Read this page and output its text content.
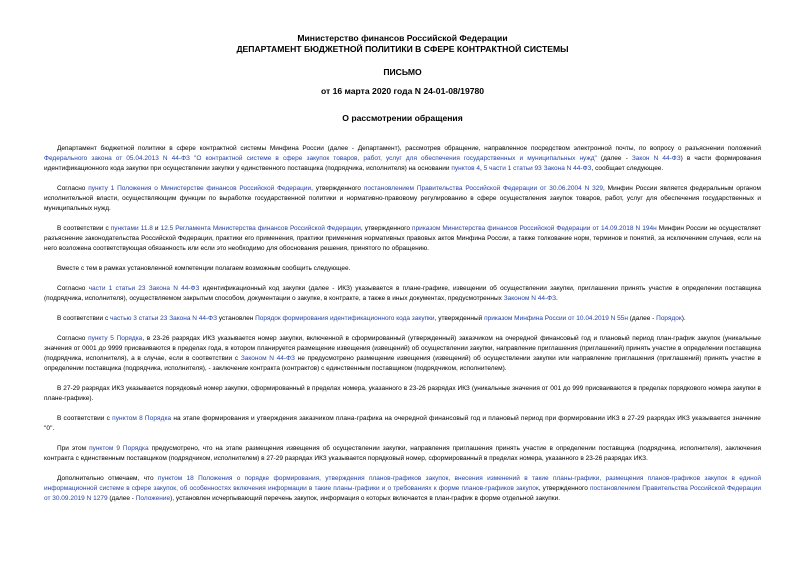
Министерство финансов Российской Федерации
ДЕПАРТАМЕНТ БЮДЖЕТНОЙ ПОЛИТИКИ В СФЕРЕ КОНТРАКТНОЙ СИСТЕМЫ
ПИСЬМО
от 16 марта 2020 года N 24-01-08/19780
О рассмотрении обращения

Департамент бюджетной политики в сфере контрактной системы Минфина России (далее - Департамент), рассмотрев обращение, направленное посредством электронной почты, по вопросу о разъяснении положений Федерального закона от 05.04.2013 N 44-ФЗ "О контрактной системе в сфере закупок товаров, работ, услуг для обеспечения государственных и муниципальных нужд" (далее - Закон N 44-ФЗ) в части формирования идентификационного кода закупки при осуществлении закупки у единственного поставщика (подрядчика, исполнителя) на основании пунктов 4, 5 части 1 статьи 93 Закона N 44-ФЗ, сообщает следующее.

Согласно пункту 1 Положения о Министерстве финансов Российской Федерации, утвержденного постановлением Правительства Российской Федерации от 30.06.2004 N 329, Минфин России является федеральным органом исполнительной власти, осуществляющим функции по выработке государственной политики и нормативно-правовому регулированию в сфере осуществления закупок товаров, работ, услуг для обеспечения государственных и муниципальных нужд.

В соответствии с пунктами 11.8 и 12.5 Регламента Министерства финансов Российской Федерации, утвержденного приказом Министерства финансов Российской Федерации от 14.09.2018 N 194н Минфин России не осуществляет разъяснение законодательства Российской Федерации, практики его применения, практики применения нормативных правовых актов Минфина России, а также толкование норм, терминов и понятий, за исключением случаев, если на него возложена соответствующая обязанность или если это необходимо для обоснования решения, принятого по обращению.

Вместе с тем в рамках установленной компетенции полагаем возможным сообщить следующее.

Согласно части 1 статьи 23 Закона N 44-ФЗ идентификационный код закупки (далее - ИКЗ) указывается в плане-графике, извещении об осуществлении закупки, приглашении принять участие в определении поставщика (подрядчика, исполнителя), осуществляемом закрытым способом, документации о закупке, в контракте, а также в иных документах, предусмотренных Законом N 44-ФЗ.

В соответствии с частью 3 статьи 23 Закона N 44-ФЗ установлен Порядок формирования идентификационного кода закупки, утвержденный приказом Минфина России от 10.04.2019 N 55н (далее - Порядок).

Согласно пункту 5 Порядка, в 23-26 разрядах ИКЗ указывается номер закупки, включенной в сформированный (утвержденный) заказчиком на очередной финансовый год и плановый период план-график закупок (уникальные значения от 0001 до 9999 присваиваются в пределах года, в котором планируется размещение извещения (извещений) об осуществлении закупки, направление приглашения (приглашений) принять участие в определении поставщика (подрядчика, исполнителя), а в случае, если в соответствии с Законом N 44-ФЗ не предусмотрено размещение извещения (извещений) об осуществлении закупки или направление приглашения (приглашений) принять участие в определении поставщика (подрядчика, исполнителя), - заключение контракта (контрактов) с единственным поставщиком (подрядчиком, исполнителем).

В 27-29 разрядах ИКЗ указывается порядковый номер закупки, сформированный в пределах номера, указанного в 23-26 разрядах ИКЗ (уникальные значения от 001 до 999 присваиваются в пределах порядкового номера закупки в плане-графике).

В соответствии с пунктом 8 Порядка на этапе формирования и утверждения заказчиком плана-графика на очередной финансовый год и плановый период при формировании ИКЗ в 27-29 разрядах ИКЗ указывается значение "0".

При этом пунктом 9 Порядка предусмотрено, что на этапе размещения извещения об осуществлении закупки, направления приглашения принять участие в определении поставщика (подрядчика, исполнителя), заключения контракта с единственным поставщиком (подрядчиком, исполнителем) в 27-29 разрядах ИКЗ указывается порядковый номер, сформированный в пределах номера, указанного в 23-26 разрядах ИКЗ.

Дополнительно отмечаем, что пунктом 18 Положения о порядке формирования, утверждения планов-графиков закупок, внесения изменений в такие планы-графики, размещения планов-графиков закупок в единой информационной системе в сфере закупок, об особенностях включения информации в такие планы-графики и о требованиях к форме планов-графиков закупок, утвержденного постановлением Правительства Российской Федерации от 30.09.2019 N 1279 (далее - Положение), установлен исчерпывающий перечень закупок, информация о которых включается в план-график в форме отдельной закупки.
